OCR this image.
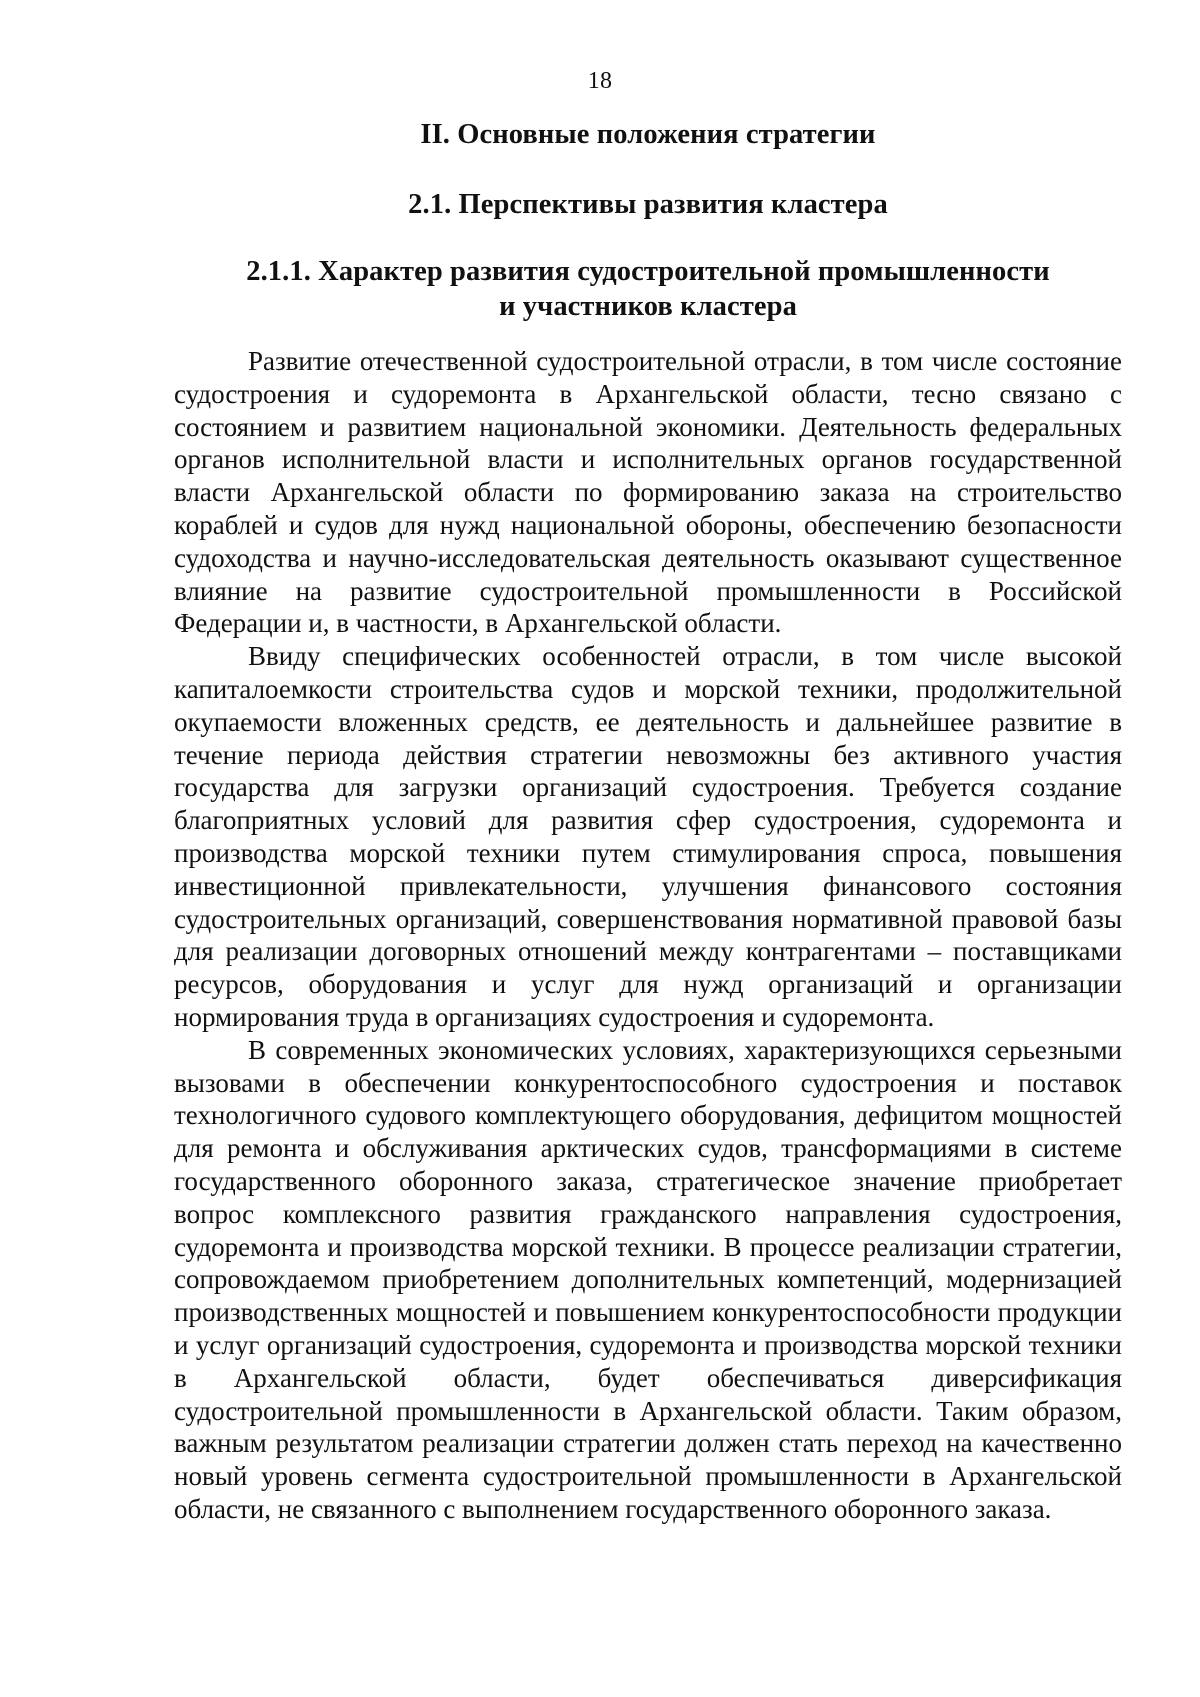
18
II. Основные положения стратегии
2.1. Перспективы развития кластера
2.1.1. Характер развития судостроительной промышленности
и участников кластера

Развитие отечественной судостроительной отрасли, в том числе состояние судостроения и судоремонта в Архангельской области, тесно связано с состоянием и развитием национальной экономики. Деятельность федеральных органов исполнительной власти и исполнительных органов государственной власти Архангельской области по формированию заказа на строительство кораблей и судов для нужд национальной обороны, обеспечению безопасности судоходства и научно-исследовательская деятельность оказывают существенное влияние на развитие судостроительной промышленности в Российской Федерации и, в частности, в Архангельской области.

Ввиду специфических особенностей отрасли, в том числе высокой капиталоемкости строительства судов и морской техники, продолжительной окупаемости вложенных средств, ее деятельность и дальнейшее развитие в течение периода действия стратегии невозможны без активного участия государства для загрузки организаций судостроения. Требуется создание благоприятных условий для развития сфер судостроения, судоремонта и производства морской техники путем стимулирования спроса, повышения инвестиционной привлекательности, улучшения финансового состояния судостроительных организаций, совершенствования нормативной правовой базы для реализации договорных отношений между контрагентами – поставщиками ресурсов, оборудования и услуг для нужд организаций и организации нормирования труда в организациях судостроения и судоремонта.

В современных экономических условиях, характеризующихся серьезными вызовами в обеспечении конкурентоспособного судостроения и поставок технологичного судового комплектующего оборудования, дефицитом мощностей для ремонта и обслуживания арктических судов, трансформациями в системе государственного оборонного заказа, стратегическое значение приобретает вопрос комплексного развития гражданского направления судостроения, судоремонта и производства морской техники. В процессе реализации стратегии, сопровождаемом приобретением дополнительных компетенций, модернизацией производственных мощностей и повышением конкурентоспособности продукции и услуг организаций судостроения, судоремонта и производства морской техники в Архангельской области, будет обеспечиваться диверсификация судостроительной промышленности в Архангельской области. Таким образом, важным результатом реализации стратегии должен стать переход на качественно новый уровень сегмента судостроительной промышленности в Архангельской области, не связанного с выполнением государственного оборонного заказа.
